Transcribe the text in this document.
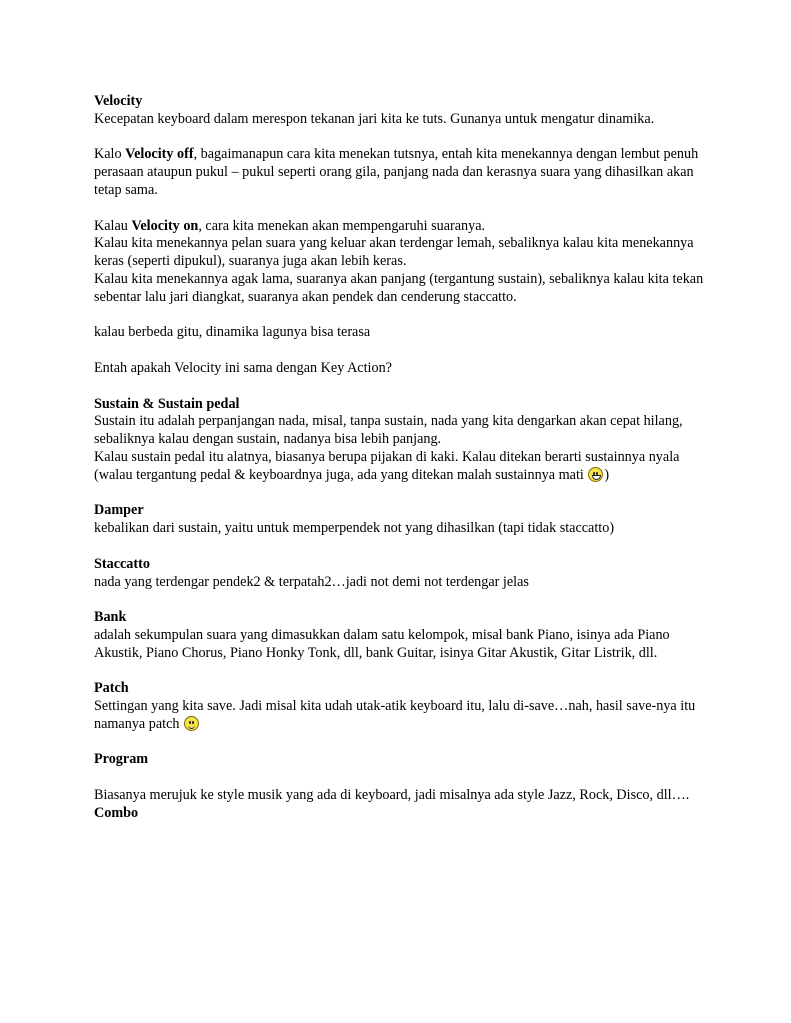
Velocity

Kecepatan keyboard dalam merespon tekanan jari kita ke tuts. Gunanya untuk mengatur dinamika.

Kalo Velocity off, bagaimanapun cara kita menekan tutsnya, entah kita menekannya dengan lembut penuh perasaan ataupun pukul – pukul seperti orang gila, panjang nada dan kerasnya suara yang dihasilkan akan tetap sama.

Kalau Velocity on, cara kita menekan akan mempengaruhi suaranya.

Kalau kita menekannya pelan suara yang keluar akan terdengar lemah, sebaliknya kalau kita menekannya keras (seperti dipukul), suaranya juga akan lebih keras.

Kalau kita menekannya agak lama, suaranya akan panjang (tergantung sustain), sebaliknya kalau kita tekan sebentar lalu jari diangkat, suaranya akan pendek dan cenderung staccatto.

kalau berbeda gitu, dinamika lagunya bisa terasa

Entah apakah Velocity ini sama dengan Key Action?

Sustain & Sustain pedal

Sustain itu adalah perpanjangan nada, misal, tanpa sustain, nada yang kita dengarkan akan cepat hilang, sebaliknya kalau dengan sustain, nadanya bisa lebih panjang.

Kalau sustain pedal itu alatnya, biasanya berupa pijakan di kaki. Kalau ditekan berarti sustainnya nyala (walau tergantung pedal & keyboardnya juga, ada yang ditekan malah sustainnya mati
)

Damper

kebalikan dari sustain, yaitu untuk memperpendek not yang dihasilkan (tapi tidak staccatto)

Staccatto

nada yang terdengar pendek2 & terpatah2…jadi not demi not terdengar jelas

Bank

adalah sekumpulan suara yang dimasukkan dalam satu kelompok, misal bank Piano, isinya ada Piano Akustik, Piano Chorus, Piano Honky Tonk, dll, bank Guitar, isinya Gitar Akustik, Gitar Listrik, dll.

Patch

Settingan yang kita save. Jadi misal kita udah utak-atik keyboard itu, lalu di-save…nah, hasil save-nya itu namanya patch

Program

Biasanya merujuk ke style musik yang ada di keyboard, jadi misalnya ada style Jazz, Rock, Disco, dll….

Combo
